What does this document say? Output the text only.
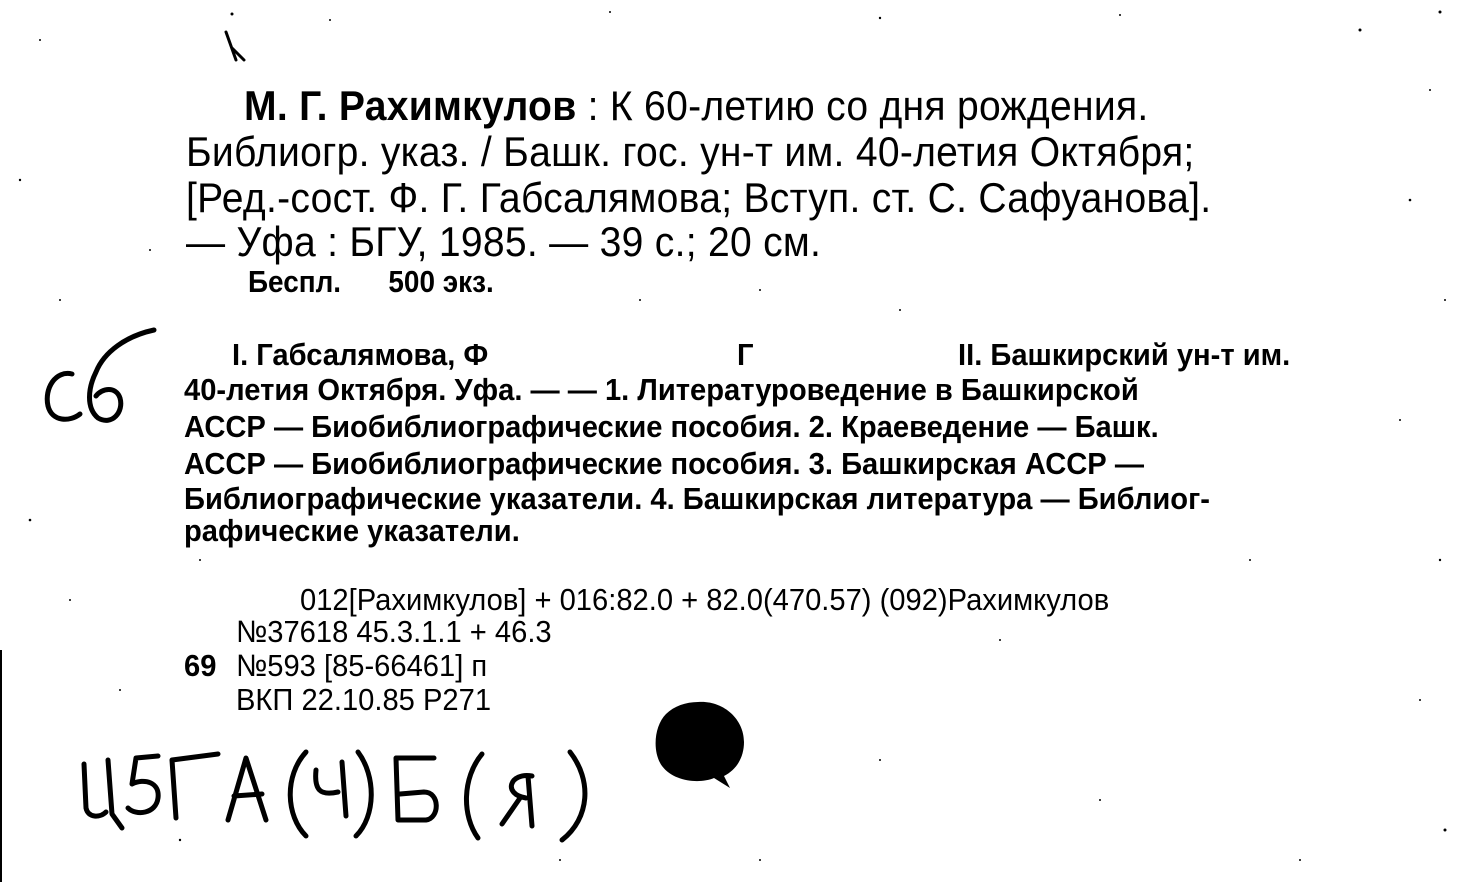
М. Г. Рахимкулов : К 60-летию со дня рождения.
Библиогр. указ. / Башк. гос. ун-т им. 40-летия Октября;
[Ред.-сост. Ф. Г. Габсалямова; Вступ. ст. С. Сафуанова].
— Уфа : БГУ, 1985. — 39 с.; 20 см.
Беспл. 500 экз.
I. Габсалямова, Ф	Г	II. Башкирский ун-т им.
40-летия Октября. Уфа. — — 1. Литературоведение в Башкирской
АССР — Биобиблиографические пособия. 2. Краеведение — Башк.
АССР — Биобиблиографические пособия. 3. Башкирская АССР —
Библиографические указатели. 4. Башкирская литература — Библиог-
рафические указатели.
012[Рахимкулов] + 016:82.0 + 82.0(470.57) (092)Рахимкулов
№37618 45.3.1.1 + 46.3
69 №593 [85-66461] п
ВКП 22.10.85 Р271
